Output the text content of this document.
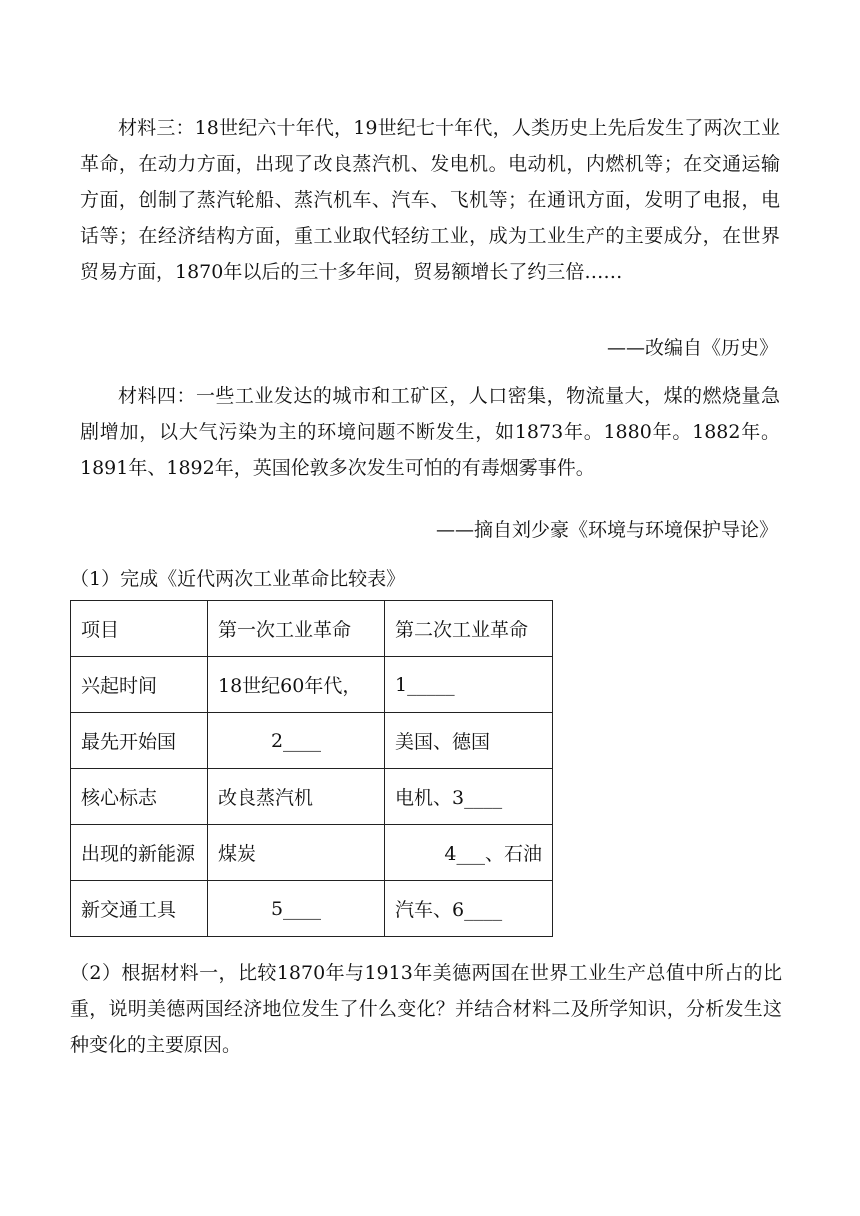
材料三：18世纪六十年代，19世纪七十年代，人类历史上先后发生了两次工业革命，在动力方面，出现了改良蒸汽机、发电机。电动机，内燃机等；在交通运输方面，创制了蒸汽轮船、蒸汽机车、汽车、飞机等；在通讯方面，发明了电报，电话等；在经济结构方面，重工业取代轻纺工业，成为工业生产的主要成分，在世界贸易方面，1870年以后的三十多年间，贸易额增长了约三倍……

——改编自《历史》

材料四：一些工业发达的城市和工矿区，人口密集，物流量大，煤的燃烧量急剧增加，以大气污染为主的环境问题不断发生，如1873年。1880年。1882年。1891年、1892年，英国伦敦多次发生可怕的有毒烟雾事件。

——摘自刘少豪《环境与环境保护导论》

（1）完成《近代两次工业革命比较表》

项目	第一次工业革命	第二次工业革命
兴起时间	18世纪60年代，	1_____
最先开始国	2____	美国、德国
核心标志	改良蒸汽机	电机、3____
出现的新能源	煤炭	4___、石油
新交通工具	5____	汽车、6____

（2）根据材料一，比较1870年与1913年美德两国在世界工业生产总值中所占的比重，说明美德两国经济地位发生了什么变化？并结合材料二及所学知识，分析发生这种变化的主要原因。
